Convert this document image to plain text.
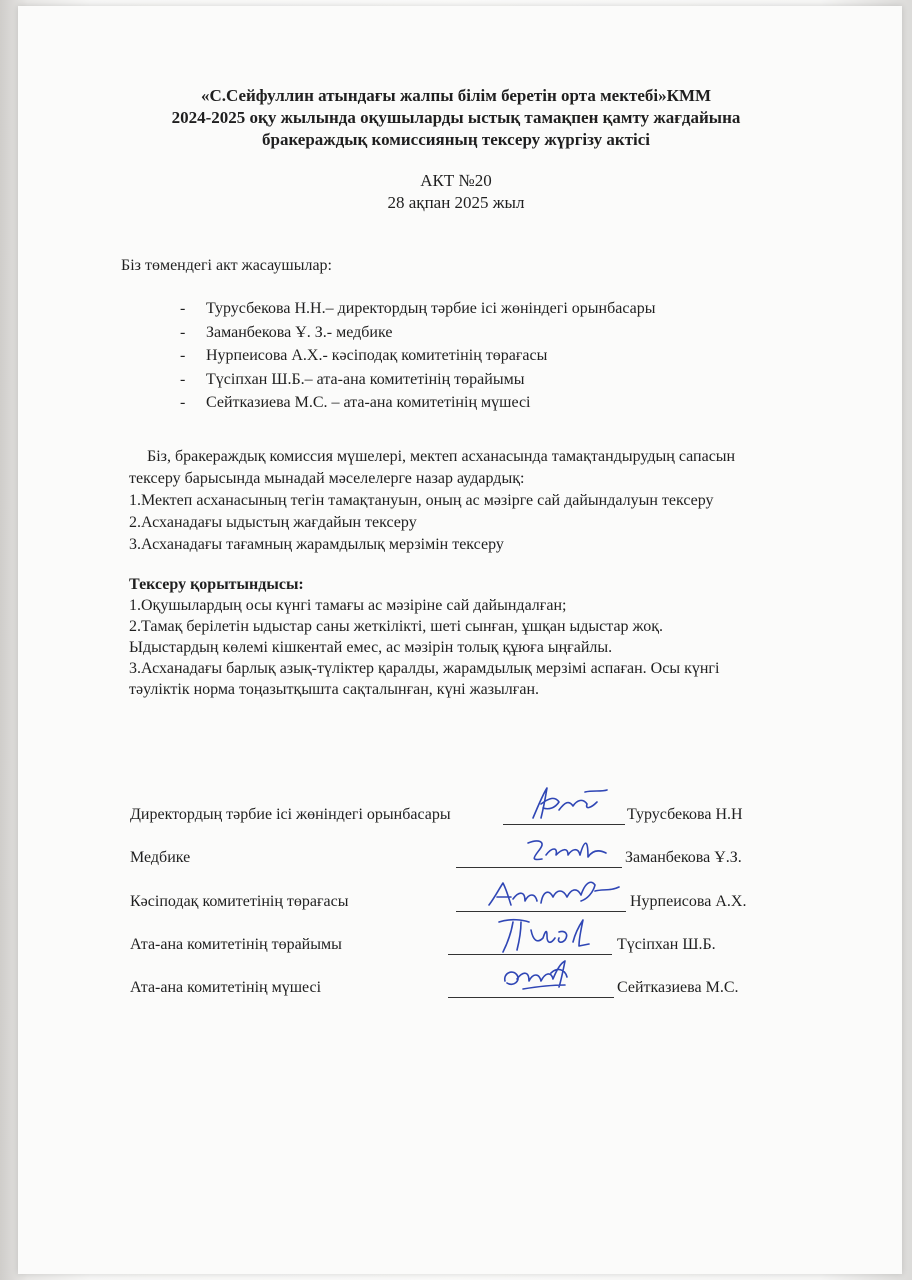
«С.Сейфуллин атындағы жалпы білім беретін орта мектебі»КММ
2024-2025 оқу жылында оқушыларды ыстық тамақпен қамту жағдайына
бракераждық комиссияның тексеру жүргізу актісі
АКТ №20
28 ақпан 2025 жыл
Біз төмендегі акт жасаушылар:
- Турусбекова Н.Н.– директордың тәрбие ісі жөніндегі орынбасары
- Заманбекова Ұ. З.- медбике
- Нурпеисова А.Х.- кәсіподақ комитетінің төрағасы
- Түсіпхан Ш.Б.– ата-ана комитетінің төрайымы
- Сейтказиева М.С. – ата-ана комитетінің мүшесі
Біз, бракераждық комиссия мүшелері, мектеп асханасында тамақтандырудың сапасын
тексеру барысында мынадай мәселелерге назар аудардық:
1.Мектеп асханасының тегін тамақтануын, оның ас мәзірге сай дайындалуын тексеру
2.Асханадағы ыдыстың жағдайын тексеру
3.Асханадағы тағамның жарамдылық мерзімін тексеру
Тексеру қорытындысы:
1.Оқушылардың осы күнгі тамағы ас мәзіріне сай дайындалған;
2.Тамақ берілетін ыдыстар саны жеткілікті, шеті сынған, ұшқан ыдыстар жоқ.
Ыдыстардың көлемі кішкентай емес, ас мәзірін толық құюға ыңғайлы.
3.Асханадағы барлық азық-түліктер қаралды, жарамдылық мерзімі аспаған. Осы күнгі
тәуліктік норма тоңазытқышта сақталынған, күні жазылған.
Директордың тәрбие ісі жөніндегі орынбасары	Турусбекова Н.Н
Медбике	Заманбекова Ұ.З.
Кәсіподақ комитетінің төрағасы	Нурпеисова А.Х.
Ата-ана комитетінің төрайымы	Түсіпхан Ш.Б.
Ата-ана комитетінің мүшесі	Сейтказиева М.С.
